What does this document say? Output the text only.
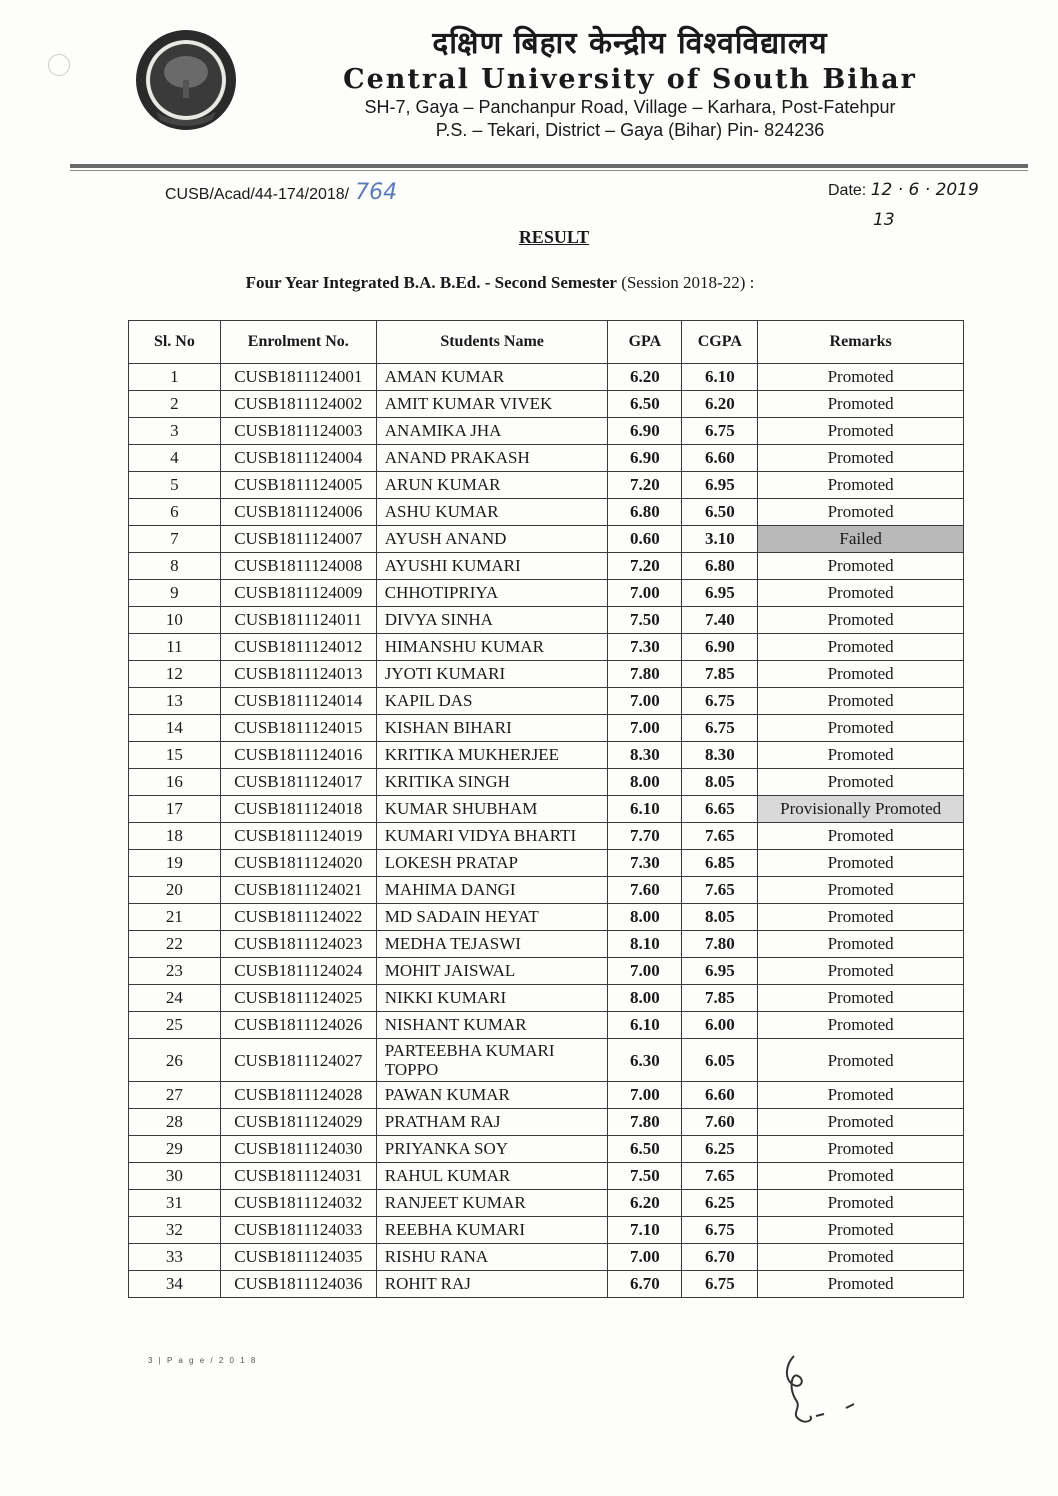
दक्षिण बिहार केन्द्रीय विश्वविद्यालय
Central University of South Bihar
SH-7, Gaya – Panchanpur Road, Village – Karhara, Post-Fatehpur
P.S. – Tekari, District – Gaya (Bihar) Pin- 824236
CUSB/Acad/44-174/2018/ 764	Date: 12 · 6 · 2019
13
RESULT
Four Year Integrated B.A. B.Ed. - Second Semester (Session 2018-22) :
Sl. No	Enrolment No.	Students Name	GPA	CGPA	Remarks
1	CUSB1811124001	AMAN KUMAR	6.20	6.10	Promoted
2	CUSB1811124002	AMIT KUMAR VIVEK	6.50	6.20	Promoted
3	CUSB1811124003	ANAMIKA JHA	6.90	6.75	Promoted
4	CUSB1811124004	ANAND PRAKASH	6.90	6.60	Promoted
5	CUSB1811124005	ARUN KUMAR	7.20	6.95	Promoted
6	CUSB1811124006	ASHU KUMAR	6.80	6.50	Promoted
7	CUSB1811124007	AYUSH ANAND	0.60	3.10	Failed
8	CUSB1811124008	AYUSHI KUMARI	7.20	6.80	Promoted
9	CUSB1811124009	CHHOTIPRIYA	7.00	6.95	Promoted
10	CUSB1811124011	DIVYA SINHA	7.50	7.40	Promoted
11	CUSB1811124012	HIMANSHU KUMAR	7.30	6.90	Promoted
12	CUSB1811124013	JYOTI KUMARI	7.80	7.85	Promoted
13	CUSB1811124014	KAPIL DAS	7.00	6.75	Promoted
14	CUSB1811124015	KISHAN BIHARI	7.00	6.75	Promoted
15	CUSB1811124016	KRITIKA MUKHERJEE	8.30	8.30	Promoted
16	CUSB1811124017	KRITIKA SINGH	8.00	8.05	Promoted
17	CUSB1811124018	KUMAR SHUBHAM	6.10	6.65	Provisionally Promoted
18	CUSB1811124019	KUMARI VIDYA BHARTI	7.70	7.65	Promoted
19	CUSB1811124020	LOKESH PRATAP	7.30	6.85	Promoted
20	CUSB1811124021	MAHIMA DANGI	7.60	7.65	Promoted
21	CUSB1811124022	MD SADAIN HEYAT	8.00	8.05	Promoted
22	CUSB1811124023	MEDHA TEJASWI	8.10	7.80	Promoted
23	CUSB1811124024	MOHIT JAISWAL	7.00	6.95	Promoted
24	CUSB1811124025	NIKKI KUMARI	8.00	7.85	Promoted
25	CUSB1811124026	NISHANT KUMAR	6.10	6.00	Promoted
26	CUSB1811124027	PARTEEBHA KUMARI TOPPO	6.30	6.05	Promoted
27	CUSB1811124028	PAWAN KUMAR	7.00	6.60	Promoted
28	CUSB1811124029	PRATHAM RAJ	7.80	7.60	Promoted
29	CUSB1811124030	PRIYANKA SOY	6.50	6.25	Promoted
30	CUSB1811124031	RAHUL KUMAR	7.50	7.65	Promoted
31	CUSB1811124032	RANJEET KUMAR	6.20	6.25	Promoted
32	CUSB1811124033	REEBHA KUMARI	7.10	6.75	Promoted
33	CUSB1811124035	RISHU RANA	7.00	6.70	Promoted
34	CUSB1811124036	ROHIT RAJ	6.70	6.75	Promoted
3 | P a g e / 2 0 1 8
